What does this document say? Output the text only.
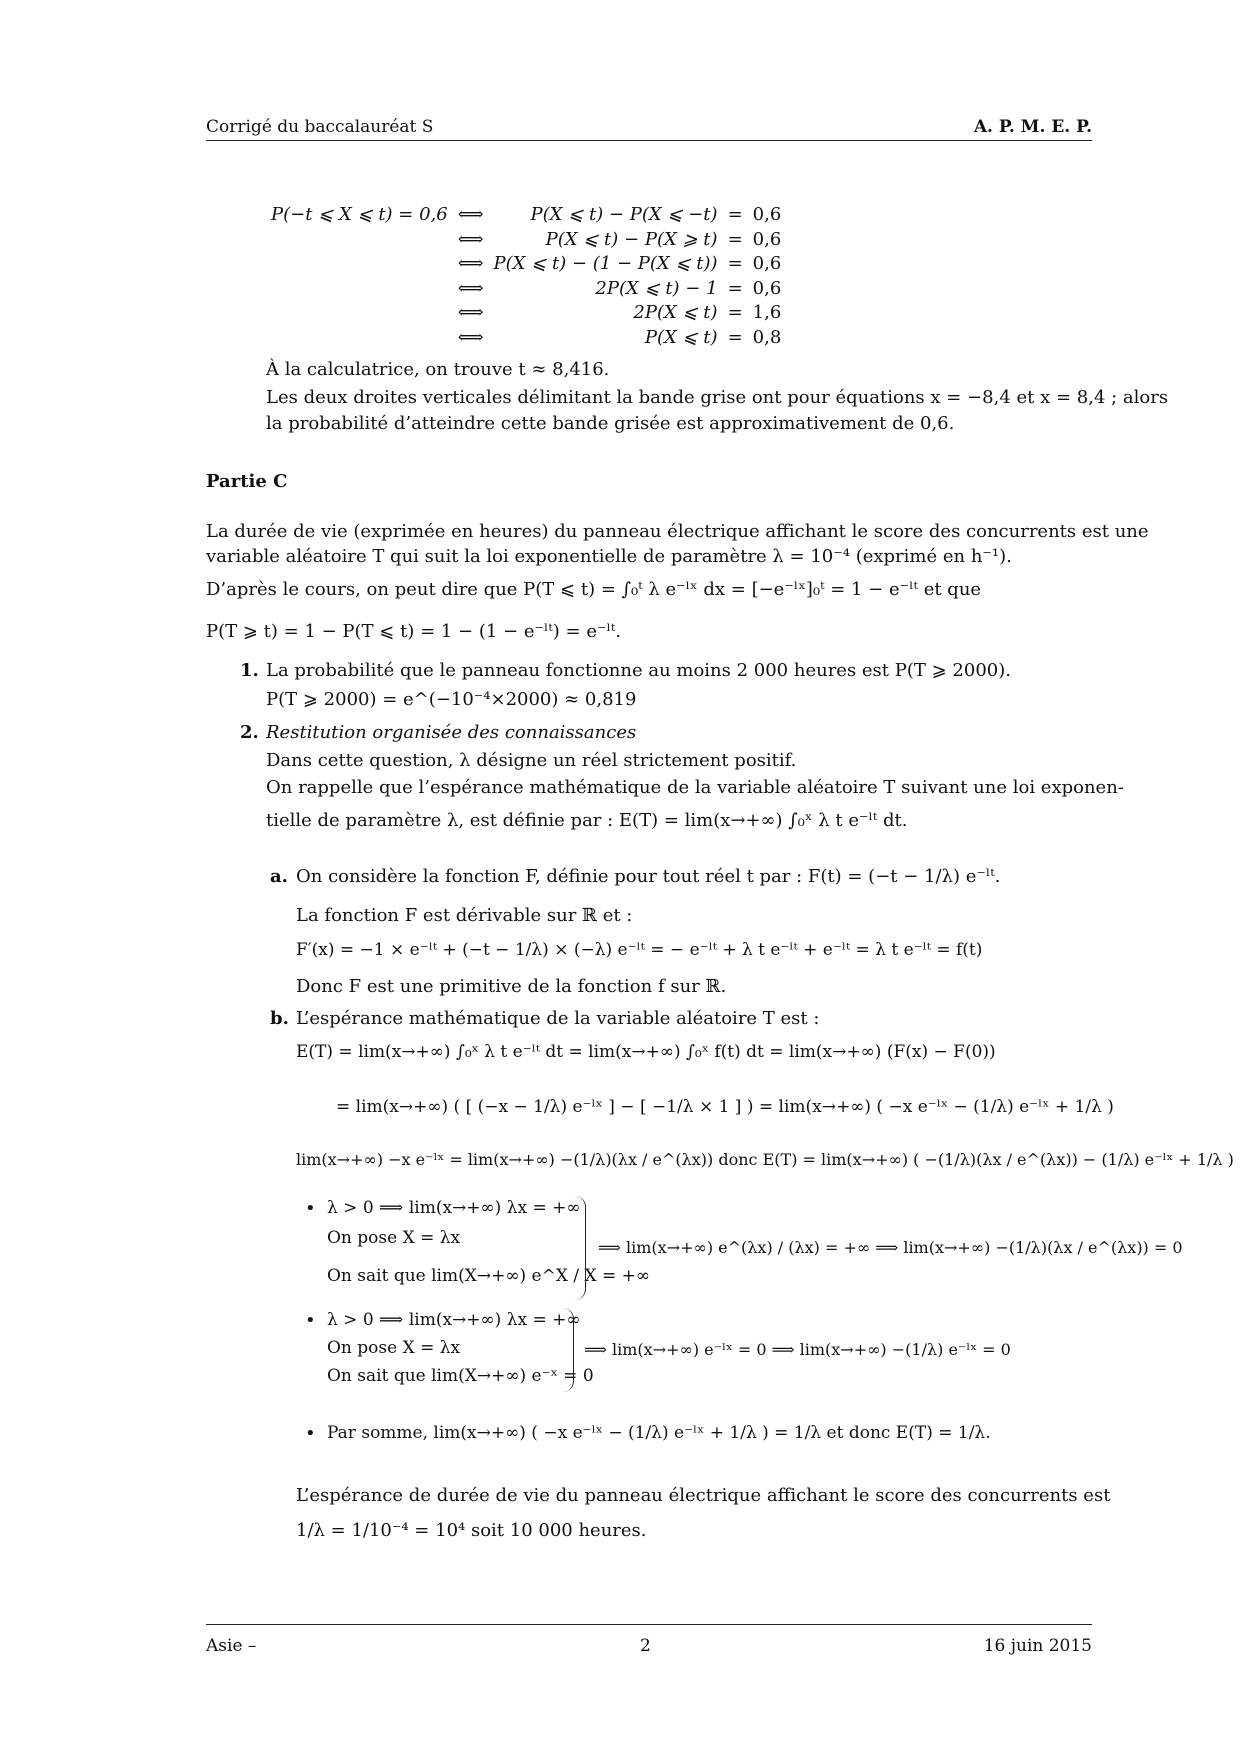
Corrigé du baccalauréat S	A. P. M. E. P.
P(−t ⩽ X ⩽ t) = 0,6	⟺	P(X ⩽ t) − P(X ⩽ −t)	=	0,6
	⟺	P(X ⩽ t) − P(X ⩾ t)	=	0,6
	⟺	P(X ⩽ t) − (1 − P(X ⩽ t))	=	0,6
	⟺	2P(X ⩽ t) − 1	=	0,6
	⟺	2P(X ⩽ t)	=	1,6
	⟺	P(X ⩽ t)	=	0,8
À la calculatrice, on trouve t ≈ 8,416.
Les deux droites verticales délimitant la bande grise ont pour équations x = −8,4 et x = 8,4 ; alors
la probabilité d’atteindre cette bande grisée est approximativement de 0,6.
Partie C
La durée de vie (exprimée en heures) du panneau électrique affichant le score des concurrents est une
variable aléatoire T qui suit la loi exponentielle de paramètre λ = 10⁻⁴ (exprimé en h⁻¹).
D’après le cours, on peut dire que P(T ⩽ t) = ∫₀ᵗ λ e⁻ˡˣ dx = [−e⁻ˡˣ]₀ᵗ = 1 − e⁻ˡᵗ et que
P(T ⩾ t) = 1 − P(T ⩽ t) = 1 − (1 − e⁻ˡᵗ) = e⁻ˡᵗ.
1. La probabilité que le panneau fonctionne au moins 2 000 heures est P(T ⩾ 2000).
P(T ⩾ 2000) = e^(−10⁻⁴×2000) ≈ 0,819
2. Restitution organisée des connaissances
Dans cette question, λ désigne un réel strictement positif.
On rappelle que l’espérance mathématique de la variable aléatoire T suivant une loi exponen-
tielle de paramètre λ, est définie par : E(T) = lim(x→+∞) ∫₀ˣ λ t e⁻ˡᵗ dt.
a. On considère la fonction F, définie pour tout réel t par : F(t) = (−t − 1/λ) e⁻ˡᵗ.
La fonction F est dérivable sur ℝ et :
F′(x) = −1 × e⁻ˡᵗ + (−t − 1/λ) × (−λ) e⁻ˡᵗ = − e⁻ˡᵗ + λ t e⁻ˡᵗ + e⁻ˡᵗ = λ t e⁻ˡᵗ = f(t)
Donc F est une primitive de la fonction f sur ℝ.
b. L’espérance mathématique de la variable aléatoire T est :
E(T) = lim(x→+∞) ∫₀ˣ λ t e⁻ˡᵗ dt = lim(x→+∞) ∫₀ˣ f(t) dt = lim(x→+∞) (F(x) − F(0))
= lim(x→+∞) ( [ (−x − 1/λ) e⁻ˡˣ ] − [ −1/λ × 1 ] ) = lim(x→+∞) ( −x e⁻ˡˣ − (1/λ) e⁻ˡˣ + 1/λ )
lim(x→+∞) −x e⁻ˡˣ = lim(x→+∞) −(1/λ)(λx / e^(λx)) donc E(T) = lim(x→+∞) ( −(1/λ)(λx / e^(λx)) − (1/λ) e⁻ˡˣ + 1/λ )
• λ > 0 ⟹ lim(x→+∞) λx = +∞
On pose X = λx
On sait que lim(X→+∞) e^X / X = +∞
⟹ lim(x→+∞) e^(λx) / (λx) = +∞ ⟹ lim(x→+∞) −(1/λ)(λx / e^(λx)) = 0
• λ > 0 ⟹ lim(x→+∞) λx = +∞
On pose X = λx
On sait que lim(X→+∞) e⁻ˣ = 0
⟹ lim(x→+∞) e⁻ˡˣ = 0 ⟹ lim(x→+∞) −(1/λ) e⁻ˡˣ = 0
• Par somme, lim(x→+∞) ( −x e⁻ˡˣ − (1/λ) e⁻ˡˣ + 1/λ ) = 1/λ et donc E(T) = 1/λ.
L’espérance de durée de vie du panneau électrique affichant le score des concurrents est
1/λ = 1/10⁻⁴ = 10⁴ soit 10 000 heures.
Asie –	2	16 juin 2015
